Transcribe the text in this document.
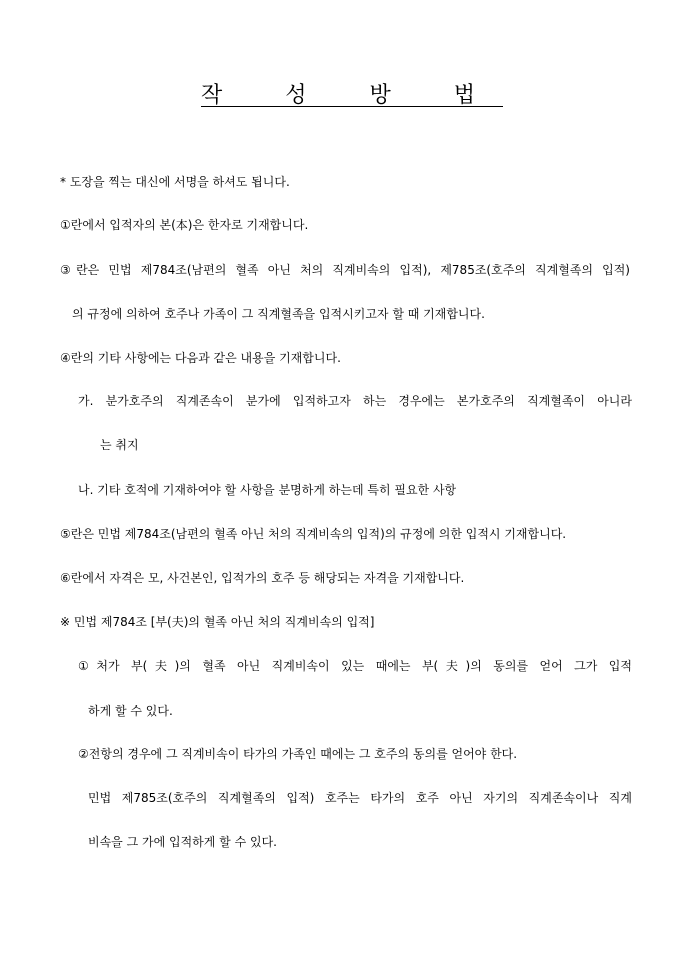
작 성 방 법
* 도장을 찍는 대신에 서명을 하셔도 됩니다.
①란에서 입적자의 본(本)은 한자로 기재합니다.
③란은 민법 제784조(남편의 혈족 아닌 처의 직계비속의 입적), 제785조(호주의 직계혈족의 입적)
의 규정에 의하여 호주나 가족이 그 직계혈족을 입적시키고자 할 때 기재합니다.
④란의 기타 사항에는 다음과 같은 내용을 기재합니다.
가. 분가호주의 직계존속이 분가에 입적하고자 하는 경우에는 본가호주의 직계혈족이 아니라
는 취지
나. 기타 호적에 기재하여야 할 사항을 분명하게 하는데 특히 필요한 사항
⑤란은 민법 제784조(남편의 혈족 아닌 처의 직계비속의 입적)의 규정에 의한 입적시 기재합니다.
⑥란에서 자격은 모, 사건본인, 입적가의 호주 등 해당되는 자격을 기재합니다.
※ 민법 제784조 [부(夫)의 혈족 아닌 처의 직계비속의 입적]
①처가 부(夫)의 혈족 아닌 직계비속이 있는 때에는 부(夫)의 동의를 얻어 그가 입적
하게 할 수 있다.
②전항의 경우에 그 직계비속이 타가의 가족인 때에는 그 호주의 동의를 얻어야 한다.
민법 제785조(호주의 직계혈족의 입적) 호주는 타가의 호주 아닌 자기의 직계존속이나 직계
비속을 그 가에 입적하게 할 수 있다.
